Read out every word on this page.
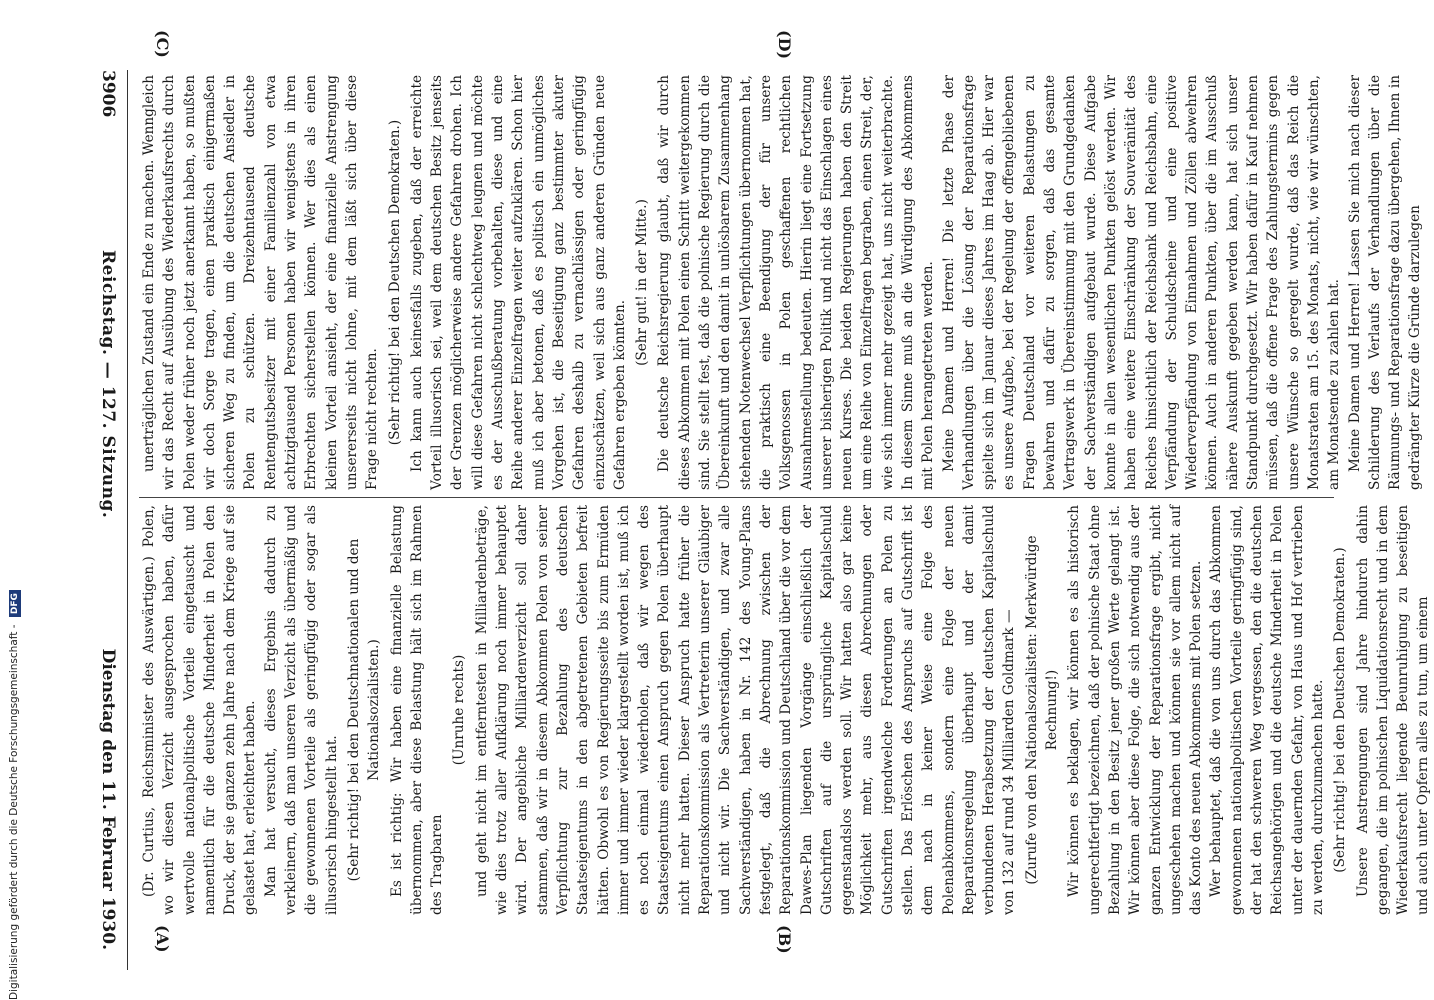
3906
Reichstag. — 127. Sitzung.
Dienstag den 11. Februar 1930. (Dr. Curtius, Reichsminister des Auswärtigen.) Polen, wo wir diesen Verzicht ausgesprochen haben, dafür wertvolle nationalpolitische Vorteile eingetauscht und namentlich für die deutsche Minderheit in Polen den Druck, der sie ganzen zehn Jahre nach dem Kriege auf sie gelastet hat, erleichtert haben. Man hat versucht, dieses Ergebnis dadurch zu verkleinern, daß man unseren Verzicht als übermäßig und die gewonnenen Vorteile als geringfügig oder sogar als illusorisch hingestellt hat. (Sehr richtig! bei den Deutschnationalen und den Nationalsozialisten.) Es ist richtig: Wir haben eine finanzielle Belastung übernommen, aber diese Belastung hält sich im Rahmen des Tragbaren

(Unruhe rechts) und geht nicht im entferntesten in Milliardenbeträge, wie dies trotz aller Aufklärung noch immer behauptet wird. Der angebliche Milliardenverzicht soll daher stammen, daß wir in diesem Abkommen Polen von seiner Verpflichtung zur Bezahlung des deutschen Staatseigentums in den abgetretenen Gebieten befreit hätten. Obwohl es von Regierungsseite bis zum Ermüden immer und immer wieder klargestellt worden ist, muß ich es noch einmal wiederholen, daß wir wegen des Staatseigentums einen Anspruch gegen Polen überhaupt nicht mehr hatten. Dieser Anspruch hatte früher die Reparationskommission als Vertreterin unserer Gläubiger und nicht wir. Die Sachverständigen, und zwar alle Sachverständigen, haben in Nr. 142 des Young-Plans festgelegt, daß die Abrechnung zwischen der Reparationskommission und Deutschland über die vor dem Dawes-Plan liegenden Vorgänge einschließlich der Gutschriften auf die ursprüngliche Kapitalschuld gegenstandslos werden soll. Wir hatten also gar keine Möglichkeit mehr, aus diesen Abrechnungen oder Gutschriften irgendwelche Forderungen an Polen zu stellen. Das Erlöschen des Anspruchs auf Gutschrift ist dem nach in keiner Weise eine Folge des Polenabkommens, sondern eine Folge der neuen Reparationsregelung überhaupt und der damit verbundenen Herabsetzung der deutschen Kapitalschuld von 132 auf rund 34 Milliarden Goldmark — (Zurufe von den Nationalsozialisten: Merkwürdige Rechnung!) Wir können es beklagen, wir können es als historisch ungerechtfertigt bezeichnen, daß der polnische Staat ohne Bezahlung in den Besitz jener großen Werte gelangt ist. Wir können aber diese Folge, die sich notwendig aus der ganzen Entwicklung der Reparationsfrage ergibt, nicht ungeschehen machen und können sie vor allem nicht auf das Konto des neuen Abkommens mit Polen setzen. Wer behauptet, daß die von uns durch das Abkommen gewonnenen nationalpolitischen Vorteile geringfügig sind, der hat den schweren Weg vergessen, den die deutschen Reichsangehörigen und die deutsche Minderheit in Polen unter der dauernden Gefahr, von Haus und Hof vertrieben zu werden, durchzumachen hatte. (Sehr richtig! bei den Deutschen Demokraten.) Unsere Anstrengungen sind Jahre hindurch dahin gegangen, die im polnischen Liquidationsrecht und in dem Wiederkaufsrecht liegende Beunruhigung zu beseitigen und auch unter Opfern alles zu tun, um einem

unerträglichen Zustand ein Ende zu machen. Wenngleich wir das Recht auf Ausübung des Wiederkaufsrechts durch Polen weder früher noch jetzt anerkannt haben, so mußten wir doch Sorge tragen, einen praktisch einigermaßen sicheren Weg zu finden, um die deutschen Ansiedler in Polen zu schützen. Dreizehntausend deutsche Rentengutsbesitzer mit einer Familienzahl von etwa achtzigtausend Personen haben wir wenigstens in ihren Erbrechten sicherstellen können. Wer dies als einen kleinen Vorteil ansieht, der eine finanzielle Anstrengung unsererseits nicht lohne, mit dem läßt sich über diese Frage nicht rechten. (Sehr richtig! bei den Deutschen Demokraten.) Ich kann auch keinesfalls zugeben, daß der erreichte Vorteil illusorisch sei, weil dem deutschen Besitz jenseits der Grenzen möglicherweise andere Gefahren drohen. Ich will diese Gefahren nicht schlechtweg leugnen und möchte es der Ausschußberatung vorbehalten, diese und eine Reihe anderer Einzelfragen weiter aufzuklären. Schon hier muß ich aber betonen, daß es politisch ein unmögliches Vorgehen ist, die Beseitigung ganz bestimmter akuter Gefahren deshalb zu vernachlässigen oder geringfügig einzuschätzen, weil sich aus ganz anderen Gründen neue Gefahren ergeben könnten.

(Sehr gut! in der Mitte.) Die deutsche Reichsregierung glaubt, daß wir durch dieses Abkommen mit Polen einen Schritt weitergekommen sind. Sie stellt fest, daß die polnische Regierung durch die Übereinkunft und den damit in unlösbarem Zusammenhang stehenden Notenwechsel Verpflichtungen übernommen hat, die praktisch eine Beendigung der für unsere Volksgenossen in Polen geschaffenen rechtlichen Ausnahmestellung bedeuten. Hierin liegt eine Fortsetzung unserer bisherigen Politik und nicht das Einschlagen eines neuen Kurses. Die beiden Regierungen haben den Streit um eine Reihe von Einzelfragen begraben, einen Streit, der, wie sich immer mehr gezeigt hat, uns nicht weiterbrachte. In diesem Sinne muß an die Würdigung des Abkommens mit Polen herangetreten werden. Meine Damen und Herren! Die letzte Phase der Verhandlungen über die Lösung der Reparationsfrage spielte sich im Januar dieses Jahres im Haag ab. Hier war es unsere Aufgabe, bei der Regelung der offengebliebenen Fragen Deutschland vor weiteren Belastungen zu bewahren und dafür zu sorgen, daß das gesamte Vertragswerk in Übereinstimmung mit den Grundgedanken der Sachverständigen aufgebaut wurde. Diese Aufgabe konnte in allen wesentlichen Punkten gelöst werden. Wir haben eine weitere Einschränkung der Souveränität des Reiches hinsichtlich der Reichsbank und Reichsbahn, eine Verpfändung der Schuldscheine und eine positive Wiederverpfändung von Einnahmen und Zöllen abwehren können. Auch in anderen Punkten, über die im Ausschuß nähere Auskunft gegeben werden kann, hat sich unser Standpunkt durchgesetzt. Wir haben dafür in Kauf nehmen müssen, daß die offene Frage des Zahlungstermins gegen unsere Wünsche so geregelt wurde, daß das Reich die Monatsraten am 15. des Monats, nicht, wie wir wünschten, am Monatsende zu zahlen hat. Meine Damen und Herren! Lassen Sie mich nach dieser Schilderung des Verlaufs der Verhandlungen über die Räumungs- und Reparationsfrage dazu übergehen, Ihnen in gedrängter Kürze die Gründe darzulegen

(A)	(B)
(C)	(D)
Digitalisierung gefördert durch die Deutsche Forschungsgemeinschaft - DFG
